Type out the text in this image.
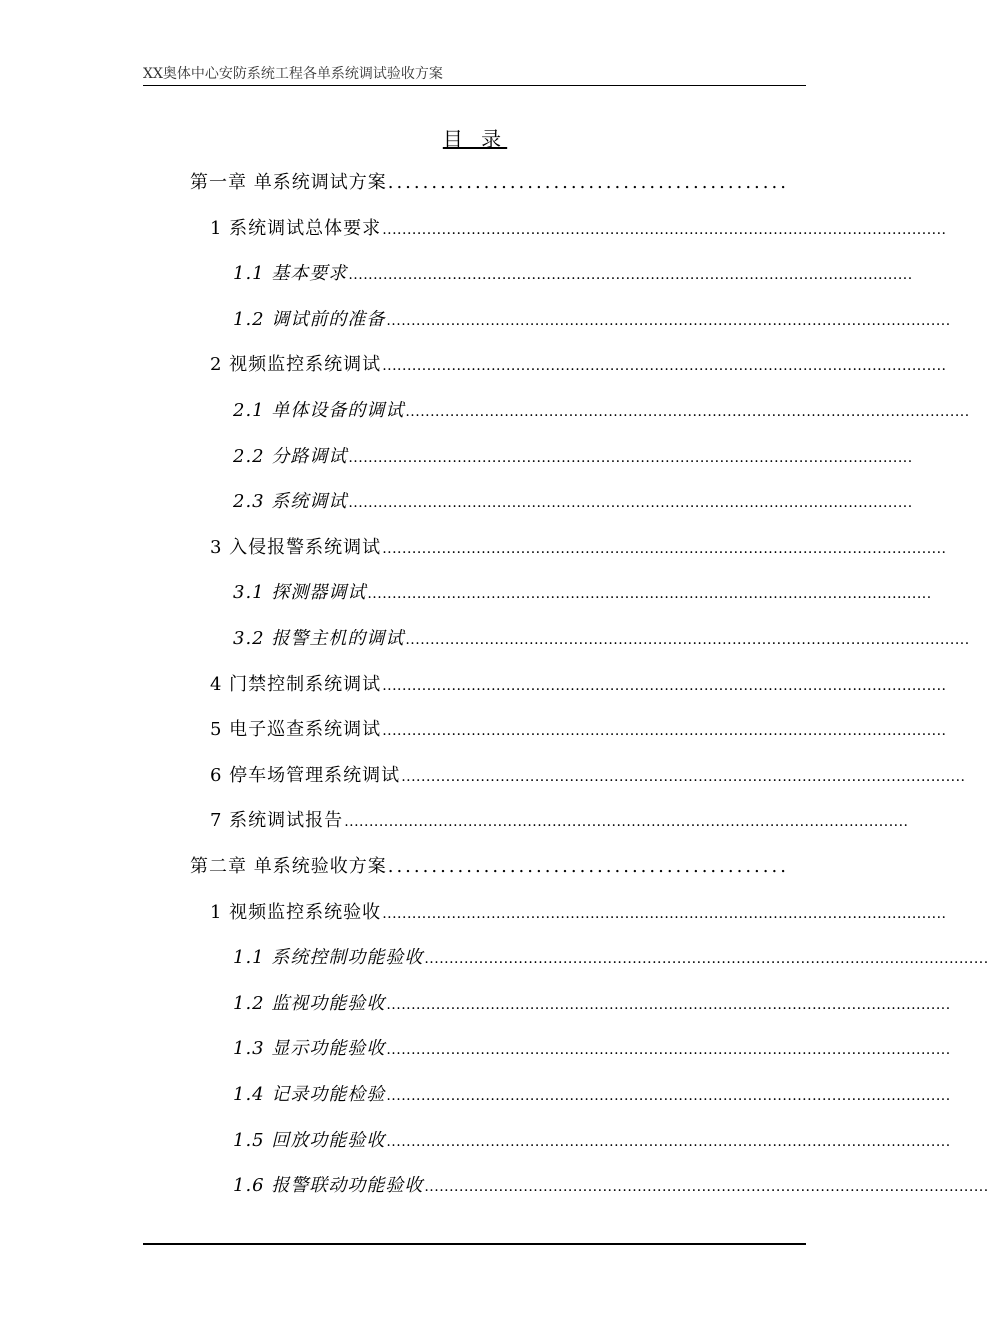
XX奥体中心安防系统工程各单系统调试验收方案
目 录
第一章 单系统调试方案 ..............................................
1 系统调试总体要求 ..................................................................................................................
1.1 基本要求 ..................................................................................................................
1.2 调试前的准备 ..................................................................................................................
2 视频监控系统调试 ..................................................................................................................
2.1 单体设备的调试 ..................................................................................................................
2.2 分路调试 ..................................................................................................................
2.3 系统调试 ..................................................................................................................
3 入侵报警系统调试 ..................................................................................................................
3.1 探测器调试 ..................................................................................................................
3.2 报警主机的调试 ..................................................................................................................
4 门禁控制系统调试 ..................................................................................................................
5 电子巡查系统调试 ..................................................................................................................
6 停车场管理系统调试 ..................................................................................................................
7 系统调试报告 ..................................................................................................................
第二章 单系统验收方案 ..............................................
1 视频监控系统验收 ..................................................................................................................
1.1 系统控制功能验收 ..................................................................................................................
1.2 监视功能验收 ..................................................................................................................
1.3 显示功能验收 ..................................................................................................................
1.4 记录功能检验 ..................................................................................................................
1.5 回放功能验收 ..................................................................................................................
1.6 报警联动功能验收 ..................................................................................................................
